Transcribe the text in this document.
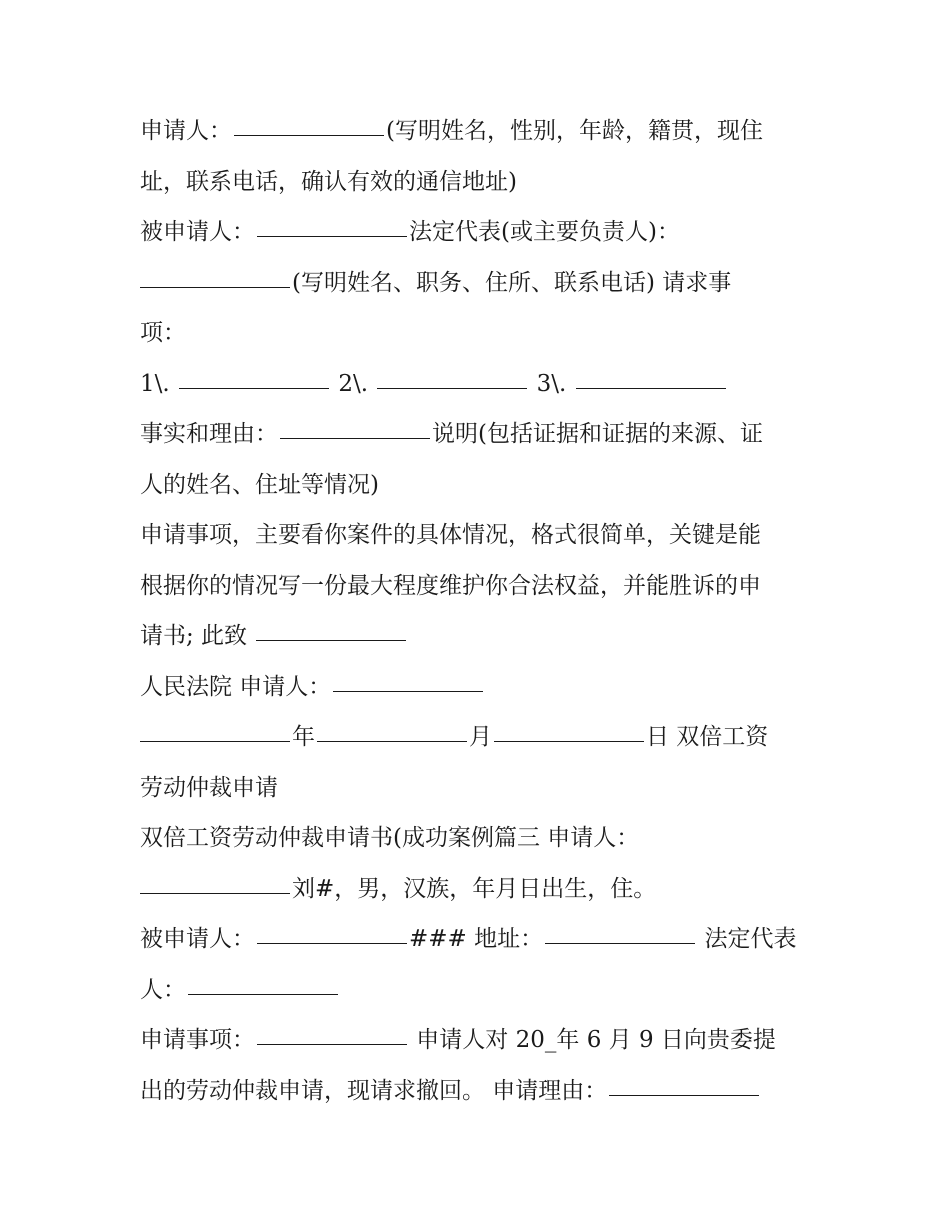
申请人：	(写明姓名，性别，年龄，籍贯，现住
址，联系电话，确认有效的通信地址)
被申请人：	法定代表(或主要负责人)：
(写明姓名、职务、住所、联系电话) 请求事
项：
1\.	2\.	3\.
事实和理由：	说明(包括证据和证据的来源、证
人的姓名、住址等情况)
申请事项，主要看你案件的具体情况，格式很简单，关键是能
根据你的情况写一份最大程度维护你合法权益，并能胜诉的申
请书; 此致
人民法院 申请人：
年	月	日 双倍工资
劳动仲裁申请
双倍工资劳动仲裁申请书(成功案例篇三 申请人：
刘#，男，汉族，年月日出生，住。
被申请人：	### 地址：	法定代表
人：
申请事项：	申请人对 20_年 6 月 9 日向贵委提
出的劳动仲裁申请，现请求撤回。 申请理由：
